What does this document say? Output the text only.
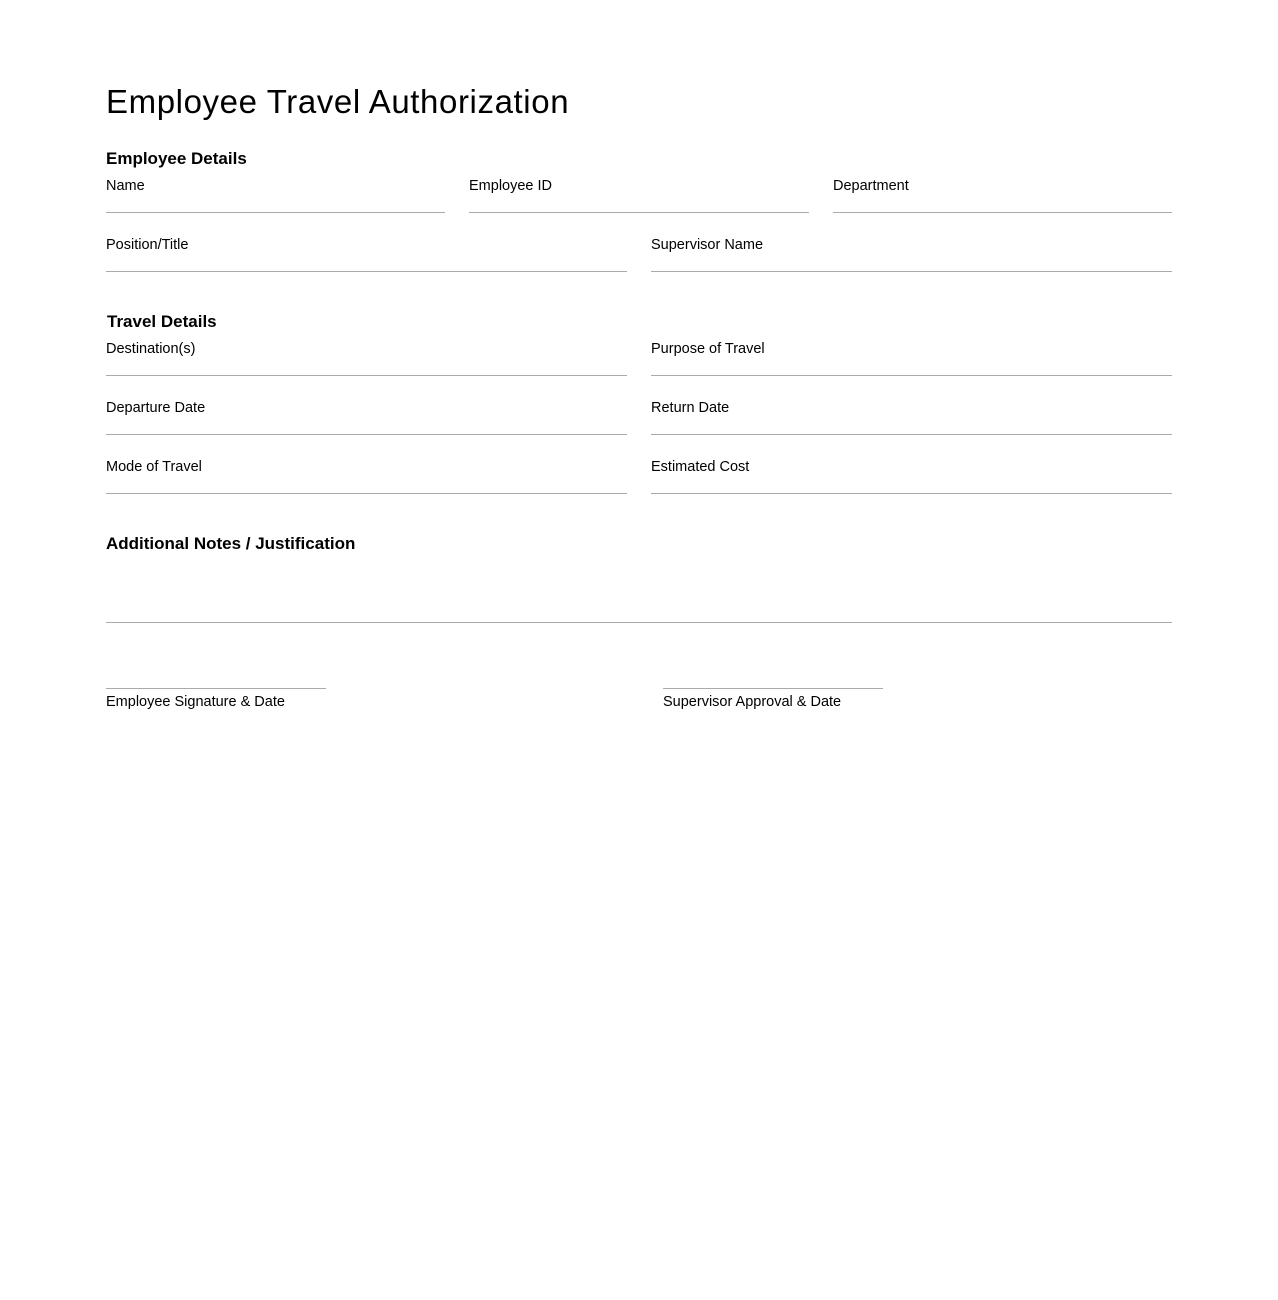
Employee Travel Authorization
Employee Details
Name	Employee ID	Department
Position/Title	Supervisor Name
Travel Details
Destination(s)	Purpose of Travel
Departure Date	Return Date
Mode of Travel	Estimated Cost
Additional Notes / Justification
Employee Signature & Date	Supervisor Approval & Date
